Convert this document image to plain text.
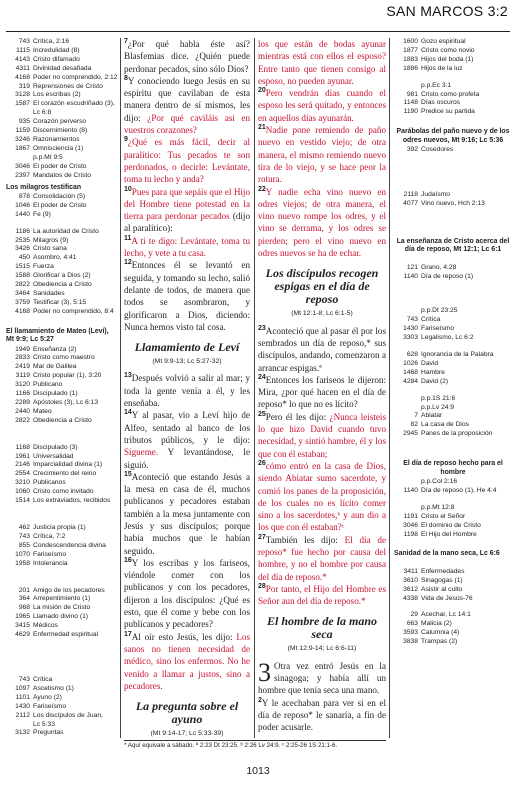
SAN MARCOS 3:2
743 Crítica, 2:16
1115 Incredulidad (8)
4143 Cristo difamado
4311 Divinidad desafiada
4168 Poder no comprendido, 2:12
319 Reprensiones de Cristo
3128 Los escribas (2)
1587 El corazón escudriñado (3),
Lc 6:8
935 Corazón perverso
1159 Discernimiento (8)
3246 Razonamientos
1867 Omnisciencia (1)
p.p.Mt 9:5
3046 El poder de Cristo
2397 Mandatos de Cristo
Los milagros testifican
878 Consolidación (5)
1046 El poder de Cristo
1440 Fe (9)
1186 La autoridad de Cristo
2535 Milagros (9)
3426 Cristo sana
450 Asombro, 4:41
1515 Fuerza
1588 Glorificar a Dios (2)
2822 Obediencia a Cristo
3464 Sanidades
3759 Testificar (3), 5:15
4168 Poder no comprendido, 8:4
El llamamiento de Mateo (Leví), Mt 9:9; Lc 5:27
1949 Enseñanza (2)
2833 Cristo como maestro
2419 Mar de Galilea
3119 Cristo popular (1), 3:20
3120 Publicano
1166 Discipulado (1)
2289 Apóstoles (3), Lc 6:13
2440 Mateo
2822 Obediencia a Cristo
1168 Discipulado (3)
1961 Universalidad
2146 Imparcialidad divina (1)
2554 Crecimiento del reino
3210 Publicanos
1060 Cristo como invitado
1514 Los extraviados, recibidos
462 Justicia propia (1)
743 Crítica, 7:2
855 Condescendencia divina
1070 Fariseísmo
1958 Intolerancia
201 Amigo de los pecadores
364 Arrepentimiento (1)
968 La misión de Cristo
1965 Llamado divino (1)
3415 Médicos
4629 Enfermedad espiritual
743 Crítica
1097 Ascetismo (1)
1101 Ayuno (2)
1430 Fariseísmo
2112 Los discípulos de Juan,
Lc 5:33
3132 Preguntas

$^7$¿Por qué habla éste así? Blasfemias dice. ¿Quién puede perdonar pecados, sino sólo Dios?

$^8$Y conociendo luego Jesús en su espíritu que cavilaban de esta manera dentro de sí mismos, les dijo: ¿Por qué caviláis así en vuestros corazones?

$^9$¿Qué es más fácil, decir al paralítico: Tus pecados te son perdonados, o decirle: Levántate, toma tu lecho y anda?

$^{10}$Pues para que sepáis que el Hijo del Hombre tiene potestad en la tierra para perdonar pecados (dijo al paralítico):

$^{11}$A ti te digo: Levántate, toma tu lecho, y vete a tu casa.

$^{12}$Entonces él se levantó en seguida, y tomando su lecho, salió delante de todos, de manera que todos se asombraron, y glorificaron a Dios, diciendo: Nunca hemos visto tal cosa.

Llamamiento de Leví
(Mt 9:9-13; Lc 5:27-32)

$^{13}$Después volvió a salir al mar; y toda la gente venía a él, y les enseñaba.

$^{14}$Y al pasar, vio a Leví hijo de Alfeo, sentado al banco de los tributos públicos, y le dijo: Sígueme. Y levantándose, le siguió.

$^{15}$Aconteció que estando Jesús a la mesa en casa de él, muchos publicanos y pecadores estaban también a la mesa juntamente con Jesús y sus discípulos; porque había muchos que le habían seguido.

$^{16}$Y los escribas y los fariseos, viéndole comer con los publicanos y con los pecadores, dijeron a los discípulos: ¿Qué es esto, que él come y bebe con los publicanos y pecadores?

$^{17}$Al oír esto Jesús, les dijo: Los sanos no tienen necesidad de médico, sino los enfermos. No he venido a llamar a justos, sino a pecadores.

La pregunta sobre el ayuno
(Mt 9:14-17; Lc 5:33-39)

los que están de bodas ayunar mientras está con ellos el esposo? Entre tanto que tienen consigo al esposo, no pueden ayunar.

$^{20}$Pero vendrán días cuando el esposo les será quitado, y entonces en aquellos días ayunarán.

$^{21}$Nadie pone remiendo de paño nuevo en vestido viejo; de otra manera, el mismo remiendo nuevo tira de lo viejo, y se hace peor la rotura.

$^{22}$Y nadie echa vino nuevo en odres viejos; de otra manera, el vino nuevo rompe los odres, y el vino se derrama, y los odres se pierden; pero el vino nuevo en odres nuevos se ha de echar.

Los discípulos recogen espigas en el día de reposo
(Mt 12:1-8; Lc 6:1-5)

$^{23}$Aconteció que al pasar él por los sembrados un día de reposo,* sus discípulos, andando, comenzaron a arrancar espigas.ª

$^{24}$Entonces los fariseos le dijeron: Mira, ¿por qué hacen en el día de reposo* lo que no es lícito?

$^{25}$Pero él les dijo: ¿Nunca leísteis lo que hizo David cuando tuvo necesidad, y sintió hambre, él y los que con él estaban;

$^{26}$cómo entró en la casa de Dios, siendo Abiatar sumo sacerdote, y comió los panes de la proposición, de los cuales no es lícito comer sino a los sacerdotes,ᵇ y aun dio a los que con él estaban?ᶜ

$^{27}$También les dijo: El día de reposo* fue hecho por causa del hombre, y no el hombre por causa del día de reposo.*

$^{28}$Por tanto, el Hijo del Hombre es Señor aun del día de reposo.*

El hombre de la mano seca
(Mt 12:9-14; Lc 6:6-11)

3 Otra vez entró Jesús en la sinagoga; y había allí un hombre que tenía seca una mano.

$^2$Y le acechaban para ver si en el día de reposo* le sanaría, a fin de poder acusarle.

1600 Gozo espiritual
1877 Cristo como novio
1883 Hijos del boda (1)
1886 Hijos de la luz
p.p.Ec 3:1
981 Cristo como profeta
1148 Días oscuros
1190 Predice su partida
Parábolas del paño nuevo y de los odres nuevos, Mt 9:16; Lc 5:36
392 Cosedores
2118 Judaísmo
4077 Vino nuevo, Hch 2:13
La enseñanza de Cristo acerca del día de reposo, Mt 12:1; Lc 6:1
121 Grano, 4:28
1140 Día de reposo (1)
p.p.Dt 23:25
743 Crítica
1430 Fariseísmo
3303 Legalismo, Lc 6:2
628 Ignorancia de la Palabra
1026 David
1468 Hambre
4284 David (2)
p.p.1S 21:6
p.p.Lv 24:9
7 Abiatar
82 La casa de Dios
2945 Panes de la proposición
El día de reposo hecho para el hombre
p.p.Col 2:16
1140 Día de reposo (1), He 4:4
p.p.Mt 12:8
1191 Cristo el Señor
3046 El dominio de Cristo
1198 El Hijo del Hombre
Sanidad de la mano seca, Lc 6:6
3411 Enfermedades
3610 Sinagogas (1)
3612 Asistir al culto
4338 Vida de Jesús-76
29 Acechar, Lc 14:1
663 Malicia (2)
3593 Calumnia (4)
3838 Trampas (2)
* Aquí equivale a sábado. ª 2:23 Dt 23:25. ᵇ 2:26 Lv 24:9. ᶜ 2:25-26 1S 21:1-6.
1013
